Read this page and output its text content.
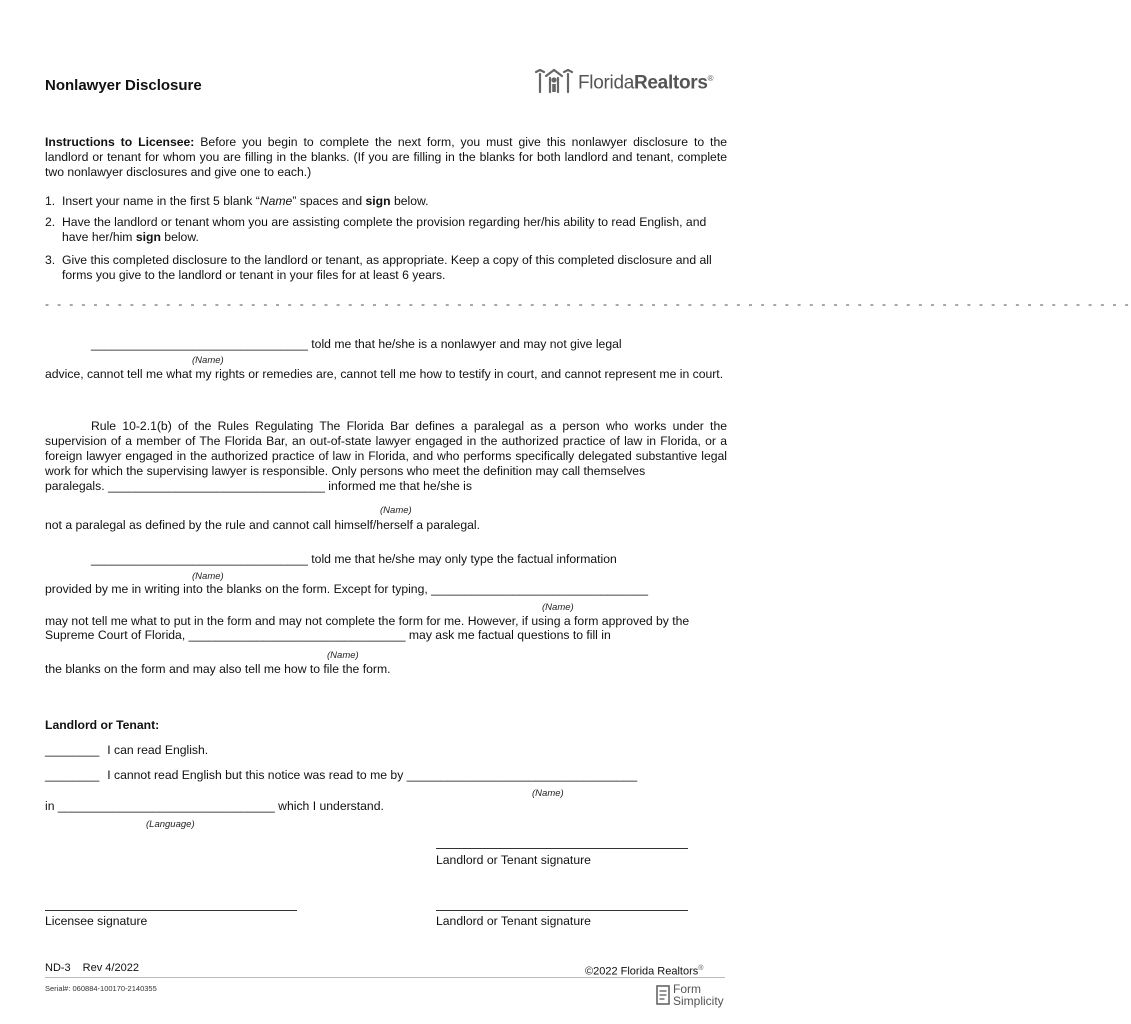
Nonlawyer Disclosure	FloridaRealtors®
Instructions to Licensee: Before you begin to complete the next form, you must give this nonlawyer disclosure to the landlord or tenant for whom you are filling in the blanks. (If you are filling in the blanks for both landlord and tenant, complete two nonlawyer disclosures and give one to each.)
1. Insert your name in the first 5 blank “Name” spaces and sign below.
2. Have the landlord or tenant whom you are assisting complete the provision regarding her/his ability to read English, and have her/him sign below.
3. Give this completed disclosure to the landlord or tenant, as appropriate. Keep a copy of this completed disclosure and all forms you give to the landlord or tenant in your files for at least 6 years.
- - - - - - - - - - - - - - - - - - - - - - - - - - - - - - - - - - - - - - - - - - - - - - - - - - - - - - - - - - - - - - - - - - - - - - - - - - - - - - - - - - - - - - - - - -
________________________________ told me that he/she is a nonlawyer and may not give legal
(Name)
advice, cannot tell me what my rights or remedies are, cannot tell me how to testify in court, and cannot represent me in court.
Rule 10-2.1(b) of the Rules Regulating The Florida Bar defines a paralegal as a person who works under the supervision of a member of The Florida Bar, an out-of-state lawyer engaged in the authorized practice of law in Florida, or a foreign lawyer engaged in the authorized practice of law in Florida, and who performs specifically delegated substantive legal work for which the supervising lawyer is responsible. Only persons who meet the definition may call themselves
paralegals. ________________________________ informed me that he/she is
(Name)
not a paralegal as defined by the rule and cannot call himself/herself a paralegal.
________________________________ told me that he/she may only type the factual information
(Name)
provided by me in writing into the blanks on the form. Except for typing, ________________________________
(Name)
may not tell me what to put in the form and may not complete the form for me. However, if using a form approved by the
Supreme Court of Florida, ________________________________ may ask me factual questions to fill in
(Name)
the blanks on the form and may also tell me how to file the form.
Landlord or Tenant:
________ I can read English.
________ I cannot read English but this notice was read to me by __________________________________
(Name)
in ________________________________ which I understand.
(Language)
Landlord or Tenant signature
Licensee signature	Landlord or Tenant signature
ND-3 Rev 4/2022	©2022 Florida Realtors®
Serial#: 060884-100170-2140355	Form
Simplicity
